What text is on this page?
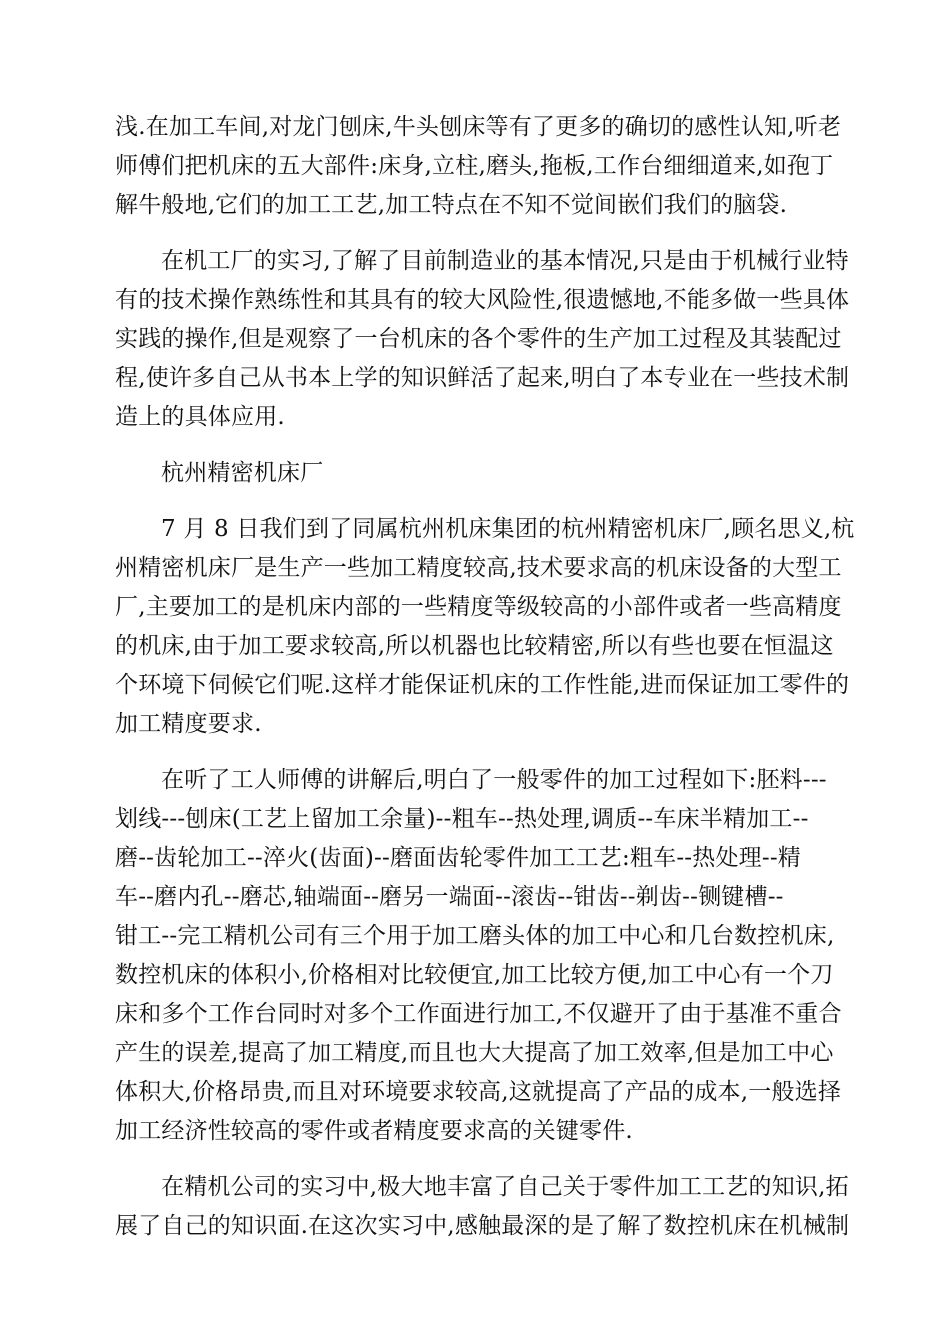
浅.在加工车间,对龙门刨床,牛头刨床等有了更多的确切的感性认知,听老
师傅们把机床的五大部件:床身,立柱,磨头,拖板,工作台细细道来,如孢丁
解牛般地,它们的加工工艺,加工特点在不知不觉间嵌们我们的脑袋.
在机工厂的实习,了解了目前制造业的基本情况,只是由于机械行业特
有的技术操作熟练性和其具有的较大风险性,很遗憾地,不能多做一些具体
实践的操作,但是观察了一台机床的各个零件的生产加工过程及其装配过
程,使许多自己从书本上学的知识鲜活了起来,明白了本专业在一些技术制
造上的具体应用.
杭州精密机床厂
7 月 8 日我们到了同属杭州机床集团的杭州精密机床厂,顾名思义,杭
州精密机床厂是生产一些加工精度较高,技术要求高的机床设备的大型工
厂,主要加工的是机床内部的一些精度等级较高的小部件或者一些高精度
的机床,由于加工要求较高,所以机器也比较精密,所以有些也要在恒温这
个环境下伺候它们呢.这样才能保证机床的工作性能,进而保证加工零件的
加工精度要求.
在听了工人师傅的讲解后,明白了一般零件的加工过程如下:胚料---
划线---刨床(工艺上留加工余量)--粗车--热处理,调质--车床半精加工--
磨--齿轮加工--淬火(齿面)--磨面齿轮零件加工工艺:粗车--热处理--精
车--磨内孔--磨芯,轴端面--磨另一端面--滚齿--钳齿--剃齿--铡键槽--
钳工--完工精机公司有三个用于加工磨头体的加工中心和几台数控机床,
数控机床的体积小,价格相对比较便宜,加工比较方便,加工中心有一个刀
床和多个工作台同时对多个工作面进行加工,不仅避开了由于基准不重合
产生的误差,提高了加工精度,而且也大大提高了加工效率,但是加工中心
体积大,价格昂贵,而且对环境要求较高,这就提高了产品的成本,一般选择
加工经济性较高的零件或者精度要求高的关键零件.
在精机公司的实习中,极大地丰富了自己关于零件加工工艺的知识,拓
展了自己的知识面.在这次实习中,感触最深的是了解了数控机床在机械制
